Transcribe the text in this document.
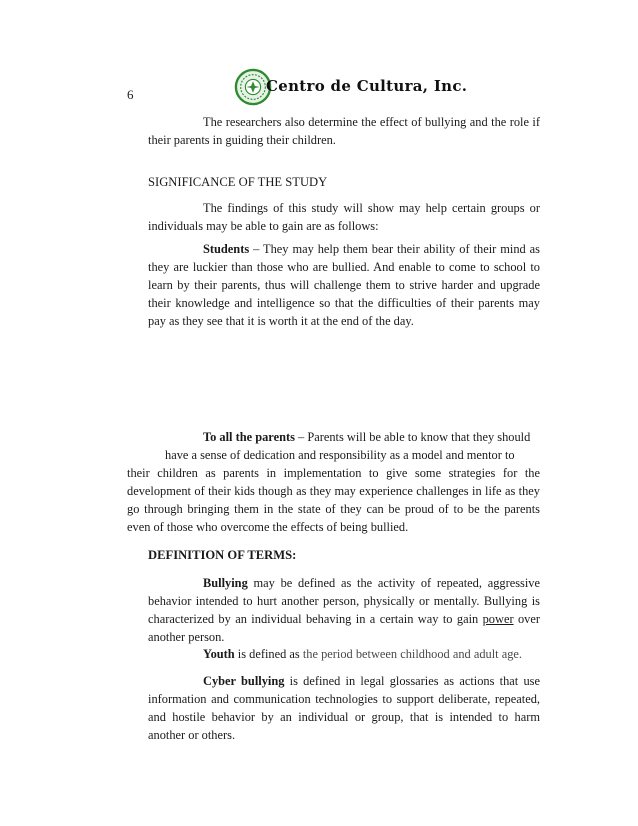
6	Centro de Cultura, Inc.

The researchers also determine the effect of bullying and the role if their parents in guiding their children.

SIGNIFICANCE OF THE STUDY

The findings of this study will show may help certain groups or individuals may be able to gain are as follows:

Students – They may help them bear their ability of their mind as they are luckier than those who are bullied. And enable to come to school to learn by their parents, thus will challenge them to strive harder and upgrade their knowledge and intelligence so that the difficulties of their parents may pay as they see that it is worth it at the end of the day.

To all the parents – Parents will be able to know that they should

have a sense of dedication and responsibility as a model and mentor to

their children as parents in implementation to give some strategies for the development of their kids though as they may experience challenges in life as they go through bringing them in the state of they can be proud of to be the parents even of those who overcome the effects of being bullied.

DEFINITION OF TERMS:

Bullying may be defined as the activity of repeated, aggressive behavior intended to hurt another person, physically or mentally. Bullying is characterized by an individual behaving in a certain way to gain power over another person.

Youth is defined as the period between childhood and adult age.

Cyber bullying is defined in legal glossaries as actions that use information and communication technologies to support deliberate, repeated, and hostile behavior by an individual or group, that is intended to harm another or others.
